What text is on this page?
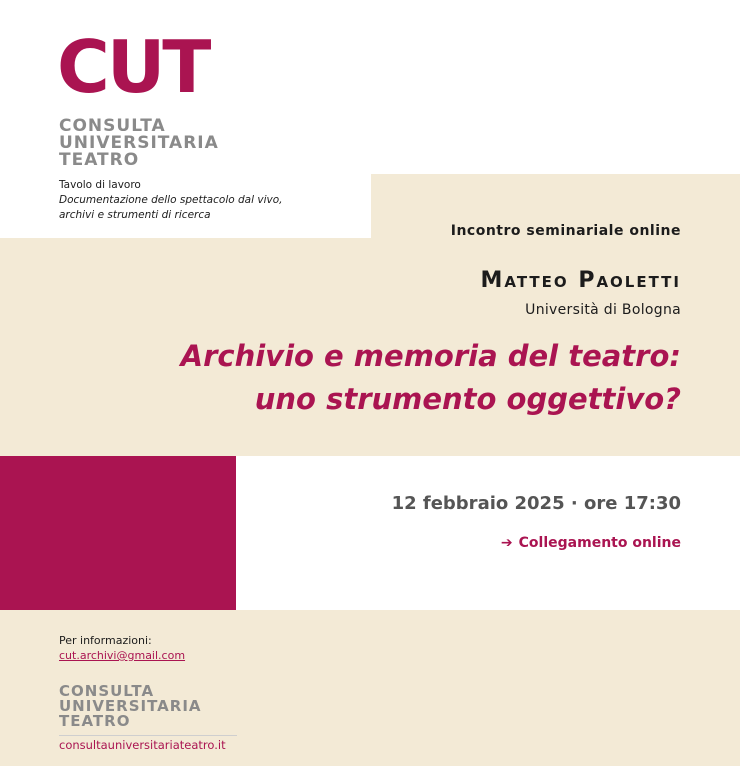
CUT
CONSULTA
UNIVERSITARIA
TEATRO
Tavolo di lavoro
Documentazione dello spettacolo dal vivo,
archivi e strumenti di ricerca
Incontro seminariale online
Matteo Paoletti
Università di Bologna
Archivio e memoria del teatro:
uno strumento oggettivo?
12 febbraio 2025 · ore 17:30
➔ Collegamento online
Per informazioni:
cut.archivi@gmail.com
CONSULTA
UNIVERSITARIA
TEATRO
consultauniversitariateatro.it
